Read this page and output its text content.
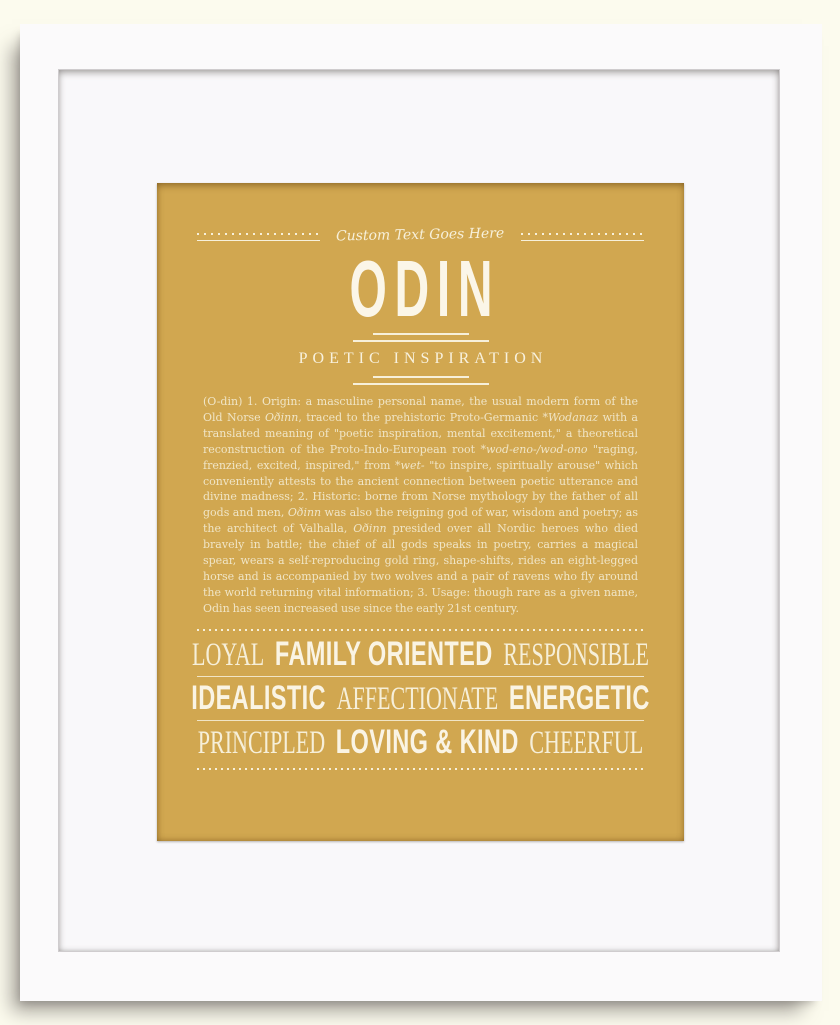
Custom Text Goes Here
ODIN
POETIC INSPIRATION

(O-din) 1. Origin: a masculine personal name, the usual modern form of the Old Norse Oðinn, traced to the prehistoric Proto-Germanic *Wodanaz with a translated meaning of "poetic inspiration, mental excitement," a theoretical reconstruction of the Proto-Indo-European root *wod-eno-/wod-ono "raging, frenzied, excited, inspired," from *wet- "to inspire, spiritually arouse" which conveniently attests to the ancient connection between poetic utterance and divine madness; 2. Historic: borne from Norse mythology by the father of all gods and men, Oðinn was also the reigning god of war, wisdom and poetry; as the architect of Valhalla, Oðinn presided over all Nordic heroes who died bravely in battle; the chief of all gods speaks in poetry, carries a magical spear, wears a self-reproducing gold ring, shape-shifts, rides an eight-legged horse and is accompanied by two wolves and a pair of ravens who fly around the world returning vital information; 3. Usage: though rare as a given name, Odin has seen increased use since the early 21st century.

LOYAL FAMILY ORIENTED RESPONSIBLE
IDEALISTIC AFFECTIONATE ENERGETIC
PRINCIPLED LOVING & KIND CHEERFUL
